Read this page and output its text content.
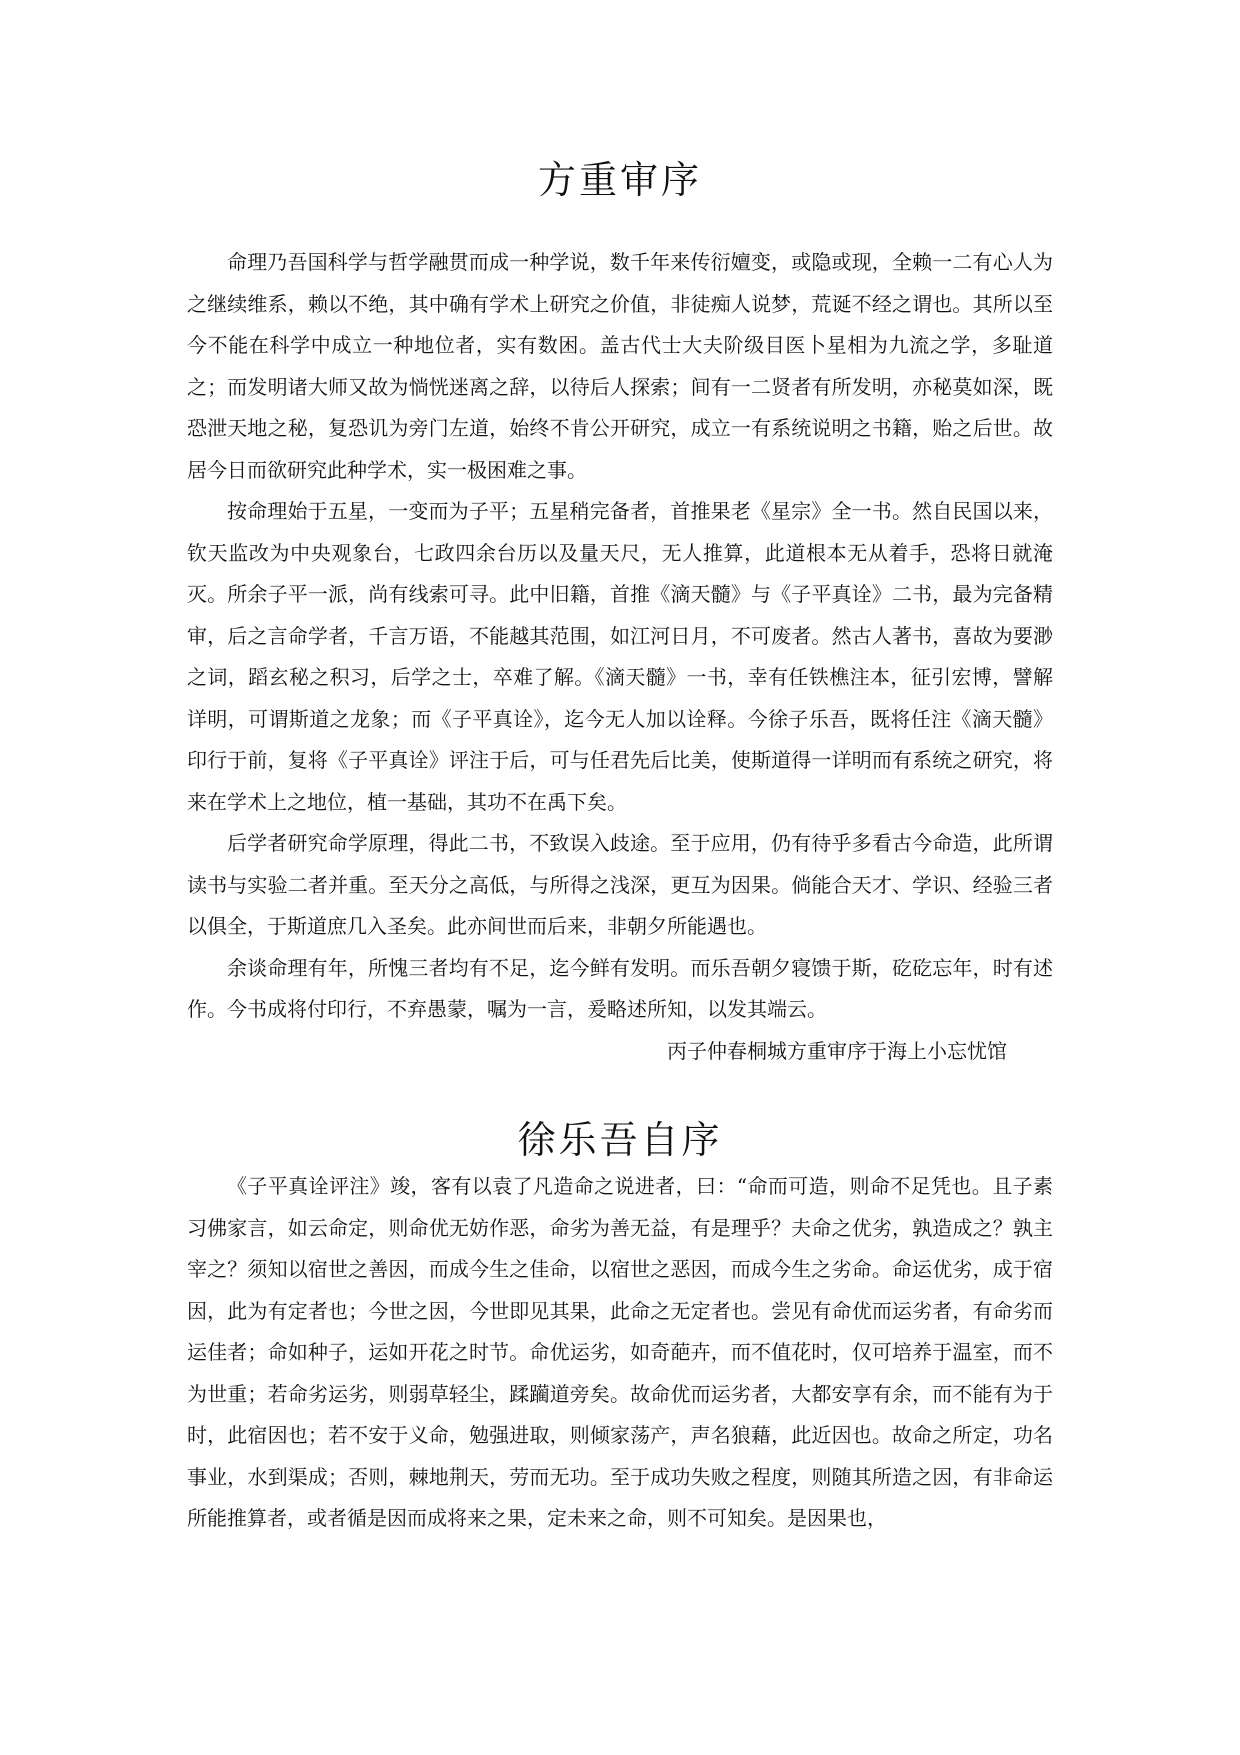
方重审序

命理乃吾国科学与哲学融贯而成一种学说，数千年来传衍嬗变，或隐或现，全赖一二有心人为之继续维系，赖以不绝，其中确有学术上研究之价值，非徒痴人说梦，荒诞不经之谓也。其所以至今不能在科学中成立一种地位者，实有数困。盖古代士大夫阶级目医卜星相为九流之学，多耻道之；而发明诸大师又故为惝恍迷离之辞，以待后人探索；间有一二贤者有所发明，亦秘莫如深，既恐泄天地之秘，复恐讥为旁门左道，始终不肯公开研究，成立一有系统说明之书籍，贻之后世。故居今日而欲研究此种学术，实一极困难之事。

按命理始于五星，一变而为子平；五星稍完备者，首推果老《星宗》全一书。然自民国以来，钦天监改为中央观象台，七政四余台历以及量天尺，无人推算，此道根本无从着手，恐将日就淹灭。所余子平一派，尚有线索可寻。此中旧籍，首推《滴天髓》与《子平真诠》二书，最为完备精审，后之言命学者，千言万语，不能越其范围，如江河日月，不可废者。然古人著书，喜故为要渺之词，蹈玄秘之积习，后学之士，卒难了解。《滴天髓》一书，幸有任铁樵注本，征引宏博，譬解详明，可谓斯道之龙象；而《子平真诠》，迄今无人加以诠释。今徐子乐吾，既将任注《滴天髓》印行于前，复将《子平真诠》评注于后，可与任君先后比美，使斯道得一详明而有系统之研究，将来在学术上之地位，植一基础，其功不在禹下矣。

后学者研究命学原理，得此二书，不致误入歧途。至于应用，仍有待乎多看古今命造，此所谓读书与实验二者并重。至天分之高低，与所得之浅深，更互为因果。倘能合天才、学识、经验三者以俱全，于斯道庶几入圣矣。此亦间世而后来，非朝夕所能遇也。

余谈命理有年，所愧三者均有不足，迄今鲜有发明。而乐吾朝夕寝馈于斯，矻矻忘年，时有述作。今书成将付印行，不弃愚蒙，嘱为一言，爰略述所知，以发其端云。

丙子仲春桐城方重审序于海上小忘忧馆

徐乐吾自序

《子平真诠评注》竣，客有以袁了凡造命之说进者，曰：“命而可造，则命不足凭也。且子素习佛家言，如云命定，则命优无妨作恶，命劣为善无益，有是理乎？夫命之优劣，孰造成之？孰主宰之？须知以宿世之善因，而成今生之佳命，以宿世之恶因，而成今生之劣命。命运优劣，成于宿因，此为有定者也；今世之因，今世即见其果，此命之无定者也。尝见有命优而运劣者，有命劣而运佳者；命如种子，运如开花之时节。命优运劣，如奇葩卉，而不值花时，仅可培养于温室，而不为世重；若命劣运劣，则弱草轻尘，蹂躏道旁矣。故命优而运劣者，大都安享有余，而不能有为于时，此宿因也；若不安于义命，勉强进取，则倾家荡产，声名狼藉，此近因也。故命之所定，功名事业，水到渠成；否则，棘地荆天，劳而无功。至于成功失败之程度，则随其所造之因，有非命运所能推算者，或者循是因而成将来之果，定未来之命，则不可知矣。是因果也，
